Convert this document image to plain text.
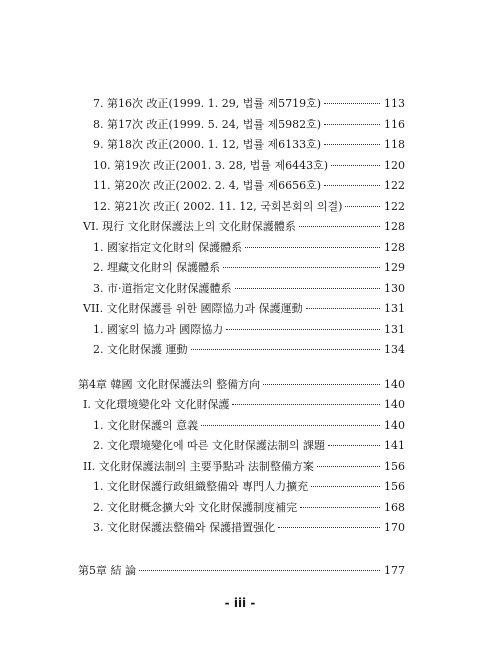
7. 第16次 改正(1999. 1. 29, 법률 제5719호)	113
8. 第17次 改正(1999. 5. 24, 법률 제5982호)	116
9. 第18次 改正(2000. 1. 12, 법률 제6133호)	118
10. 第19次 改正(2001. 3. 28, 법률 제6443호)	120
11. 第20次 改正(2002. 2. 4, 법률 제6656호)	122
12. 第21次 改正( 2002. 11. 12, 국회본회의 의결)	122
VI. 現行 文化財保護法上의 文化財保護體系	128
1. 國家指定文化財의 保護體系	128
2. 埋藏文化財의 保護體系	129
3. 市·道指定文化財保護體系	130
VII. 文化財保護를 위한 國際協力과 保護運動	131
1. 國家의 協力과 國際協力	131
2. 文化財保護 運動	134
第4章 韓國 文化財保護法의 整備方向	140
I. 文化環境變化와 文化財保護	140
1. 文化財保護의 意義	140
2. 文化環境變化에 따른 文化財保護法制의 課題	141
II. 文化財保護法制의 主要爭點과 法制整備方案	156
1. 文化財保護行政組織整備와 專門人力擴充	156
2. 文化財概念擴大와 文化財保護制度補完	168
3. 文化財保護法整備와 保護措置强化	170
第5章 結 論	177
- iii -
